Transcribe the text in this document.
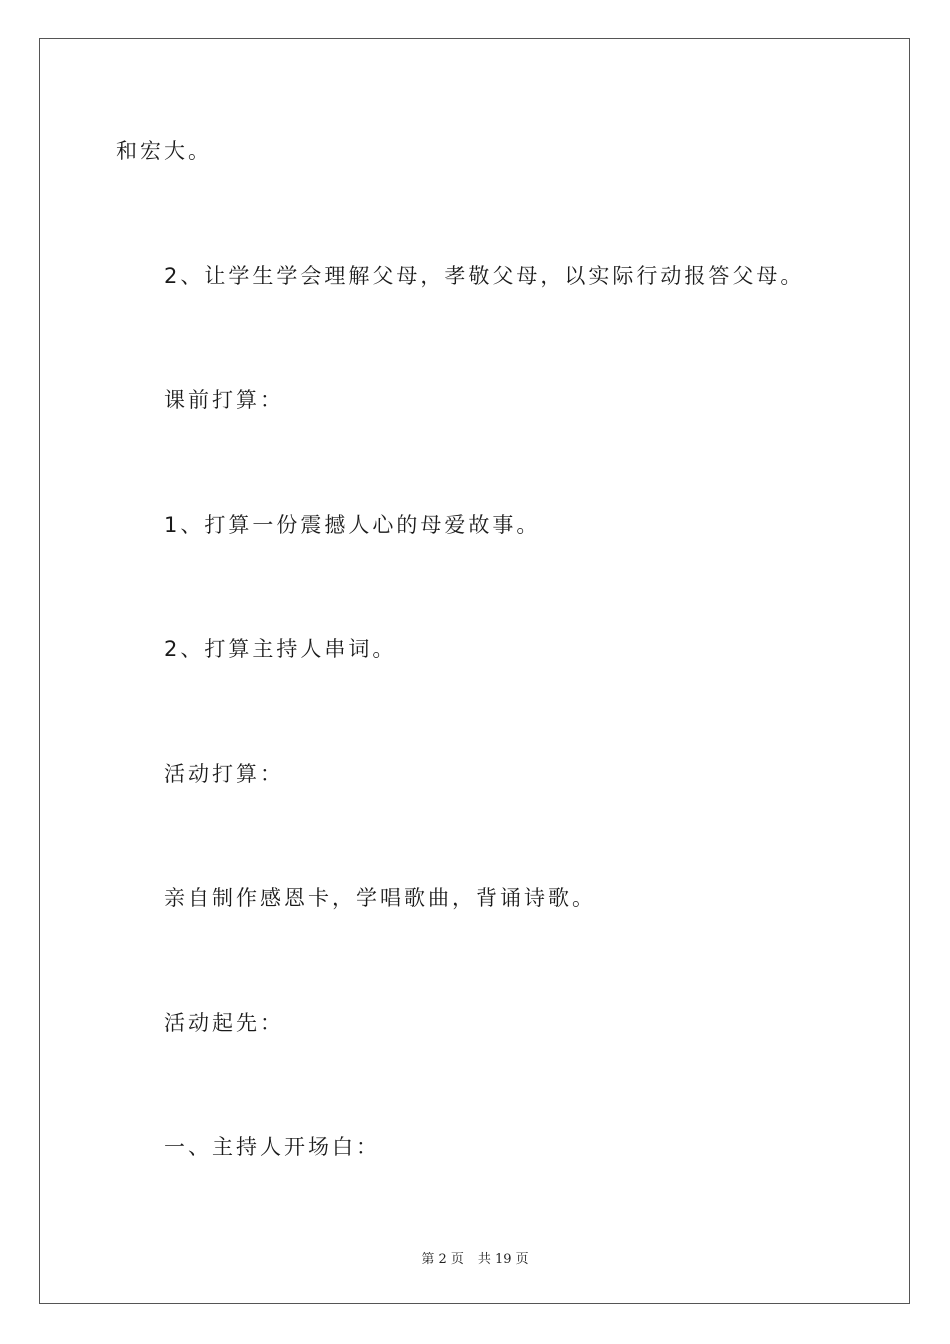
和宏大。
2、让学生学会理解父母，孝敬父母，以实际行动报答父母。
课前打算：
1、打算一份震撼人心的母爱故事。
2、打算主持人串词。
活动打算：
亲自制作感恩卡，学唱歌曲，背诵诗歌。
活动起先：
一、主持人开场白：
第 2 页 共 19 页
